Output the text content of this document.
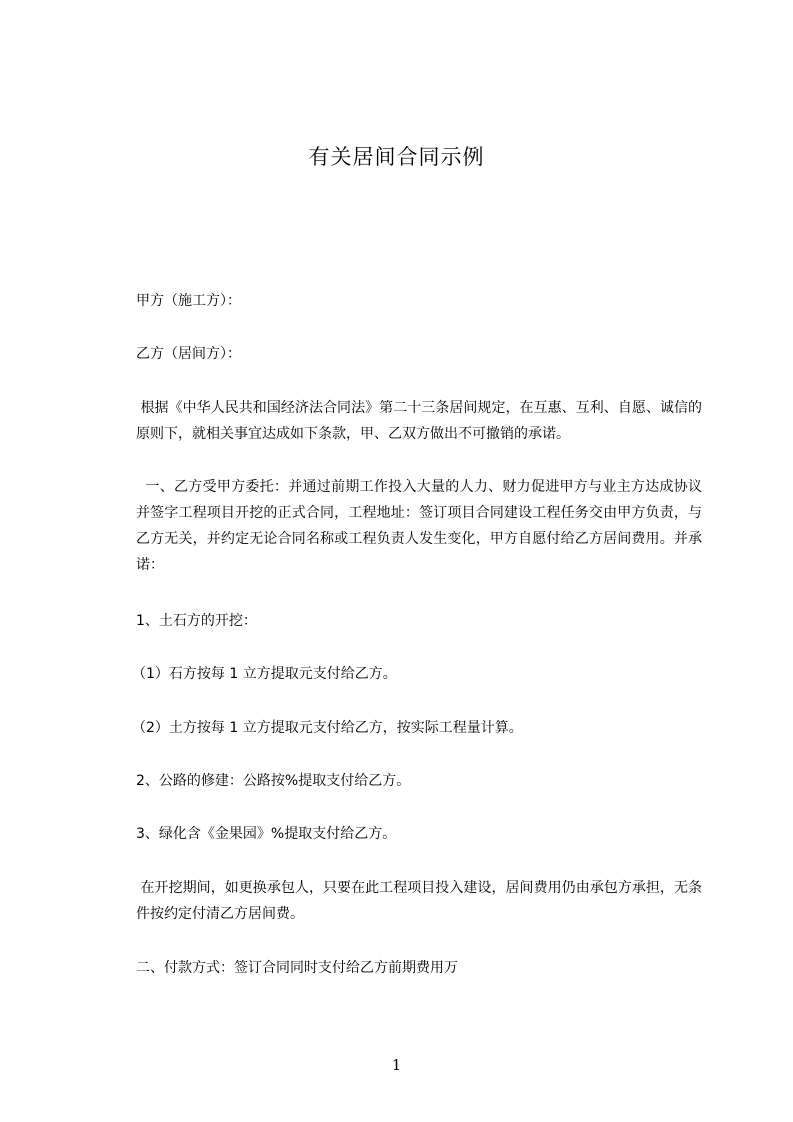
有关居间合同示例
甲方（施工方）：
乙方（居间方）：
根据《中华人民共和国经济法合同法》第二十三条居间规定，在互惠、互利、自愿、诚信的原则下，就相关事宜达成如下条款，甲、乙双方做出不可撤销的承诺。
一、乙方受甲方委托：并通过前期工作投入大量的人力、财力促进甲方与业主方达成协议并签字工程项目开挖的正式合同，工程地址：签订项目合同建设工程任务交由甲方负责，与乙方无关，并约定无论合同名称或工程负责人发生变化，甲方自愿付给乙方居间费用。并承诺：
1、土石方的开挖：
（1）石方按每 1 立方提取元支付给乙方。
（2）土方按每 1 立方提取元支付给乙方，按实际工程量计算。
2、公路的修建：公路按%提取支付给乙方。
3、绿化含《金果园》%提取支付给乙方。
在开挖期间，如更换承包人，只要在此工程项目投入建设，居间费用仍由承包方承担，无条件按约定付清乙方居间费。
二、付款方式：签订合同同时支付给乙方前期费用万
1
